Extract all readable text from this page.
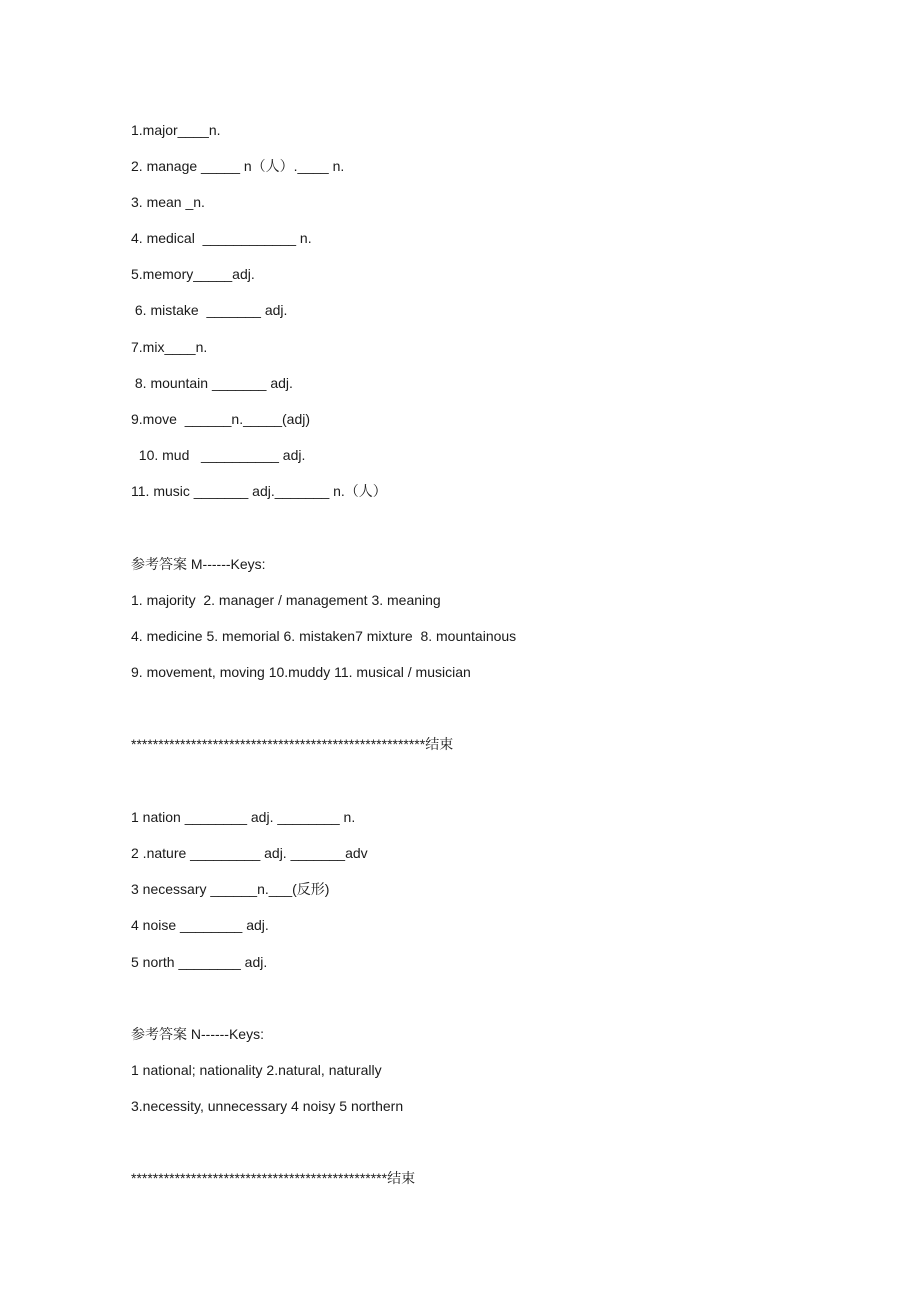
1.major____n.

2. manage _____ n（人）.____ n.

3. mean _n.

4. medical  ____________ n.

5.memory_____adj.

6. mistake  _______ adj.

7.mix____n.

8. mountain _______ adj.

9.move  ______n._____(adj)

10. mud   __________ adj.

11. music _______ adj._______ n.（人）

参考答案 M------Keys:

1. majority  2. manager / management 3. meaning

4. medicine 5. memorial 6. mistaken7 mixture  8. mountainous

9. movement, moving 10.muddy 11. musical / musician

******************************************************结束

1 nation ________ adj. ________ n.

2 .nature _________ adj. _______adv

3 necessary ______n.___(反形)

4 noise ________ adj.

5 north ________ adj.

参考答案 N------Keys:

1 national; nationality 2.natural, naturally

3.necessity, unnecessary 4 noisy 5 northern

***********************************************结束
